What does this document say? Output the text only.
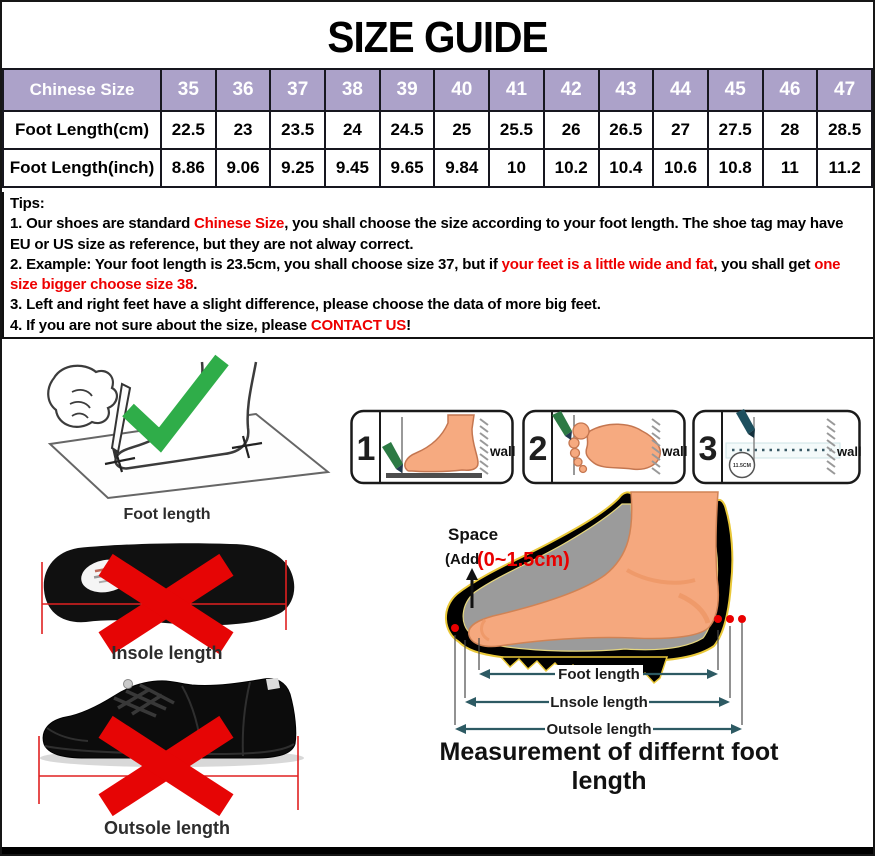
SIZE GUIDE
Chinese Size	35	36	37	38	39	40	41	42	43	44	45	46	47
Foot Length(cm)	22.5	23	23.5	24	24.5	25	25.5	26	26.5	27	27.5	28	28.5
Foot Length(inch)	8.86	9.06	9.25	9.45	9.65	9.84	10	10.2	10.4	10.6	10.8	11	11.2
Tips:
1. Our shoes are standard Chinese Size, you shall choose the size according to your foot length. The shoe tag may have
EU or US size as reference, but they are not alway correct.
2. Example: Your foot length is 23.5cm, you shall choose size 37, but if your feet is a little wide and fat, you shall get one
size bigger choose size 38.
3. Left and right feet have a slight difference, please choose the data of more big feet.
4. If you are not sure about the size, please CONTACT US!
Foot length
Insole length
Outsole length
1	wall 2	wall 3	11.5CM
wall
Space
(Add
(0~1.5cm)
Foot length
Lnsole length
Outsole length
Measurement of differnt foot length
